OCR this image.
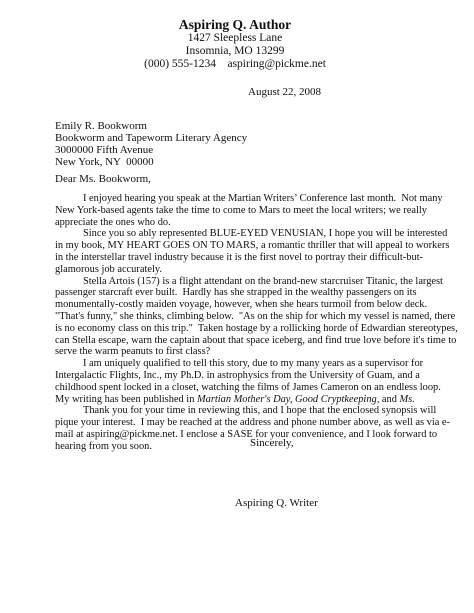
Aspiring Q. Author
1427 Sleepless Lane
Insomnia, MO 13299
(000) 555-1234    aspiring@pickme.net
August 22, 2008
Emily R. Bookworm
Bookworm and Tapeworm Literary Agency
3000000 Fifth Avenue
New York, NY  00000
Dear Ms. Bookworm,
I enjoyed hearing you speak at the Martian Writers’ Conference last month.  Not many
New York-based agents take the time to come to Mars to meet the local writers; we really
appreciate the ones who do.
Since you so ably represented BLUE-EYED VENUSIAN, I hope you will be interested
in my book, MY HEART GOES ON TO MARS, a romantic thriller that will appeal to workers
in the interstellar travel industry because it is the first novel to portray their difficult-but-
glamorous job accurately.
Stella Artois (157) is a flight attendant on the brand-new starcruiser Titanic, the largest
passenger starcraft ever built.  Hardly has she strapped in the wealthy passengers on its
monumentally-costly maiden voyage, however, when she hears turmoil from below deck.
"That's funny," she thinks, climbing below.  "As on the ship for which my vessel is named, there
is no economy class on this trip."  Taken hostage by a rollicking horde of Edwardian stereotypes,
can Stella escape, warn the captain about that space iceberg, and find true love before it's time to
serve the warm peanuts to first class?
I am uniquely qualified to tell this story, due to my many years as a supervisor for
Intergalactic Flights, Inc., my Ph.D. in astrophysics from the University of Guam, and a
childhood spent locked in a closet, watching the films of James Cameron on an endless loop.
My writing has been published in Martian Mother's Day, Good Cryptkeeping, and Ms.
Thank you for your time in reviewing this, and I hope that the enclosed synopsis will
pique your interest.  I may be reached at the address and phone number above, as well as via e-
mail at aspiring@pickme.net. I enclose a SASE for your convenience, and I look forward to
hearing from you soon.	Sincerely,
Aspiring Q. Writer
